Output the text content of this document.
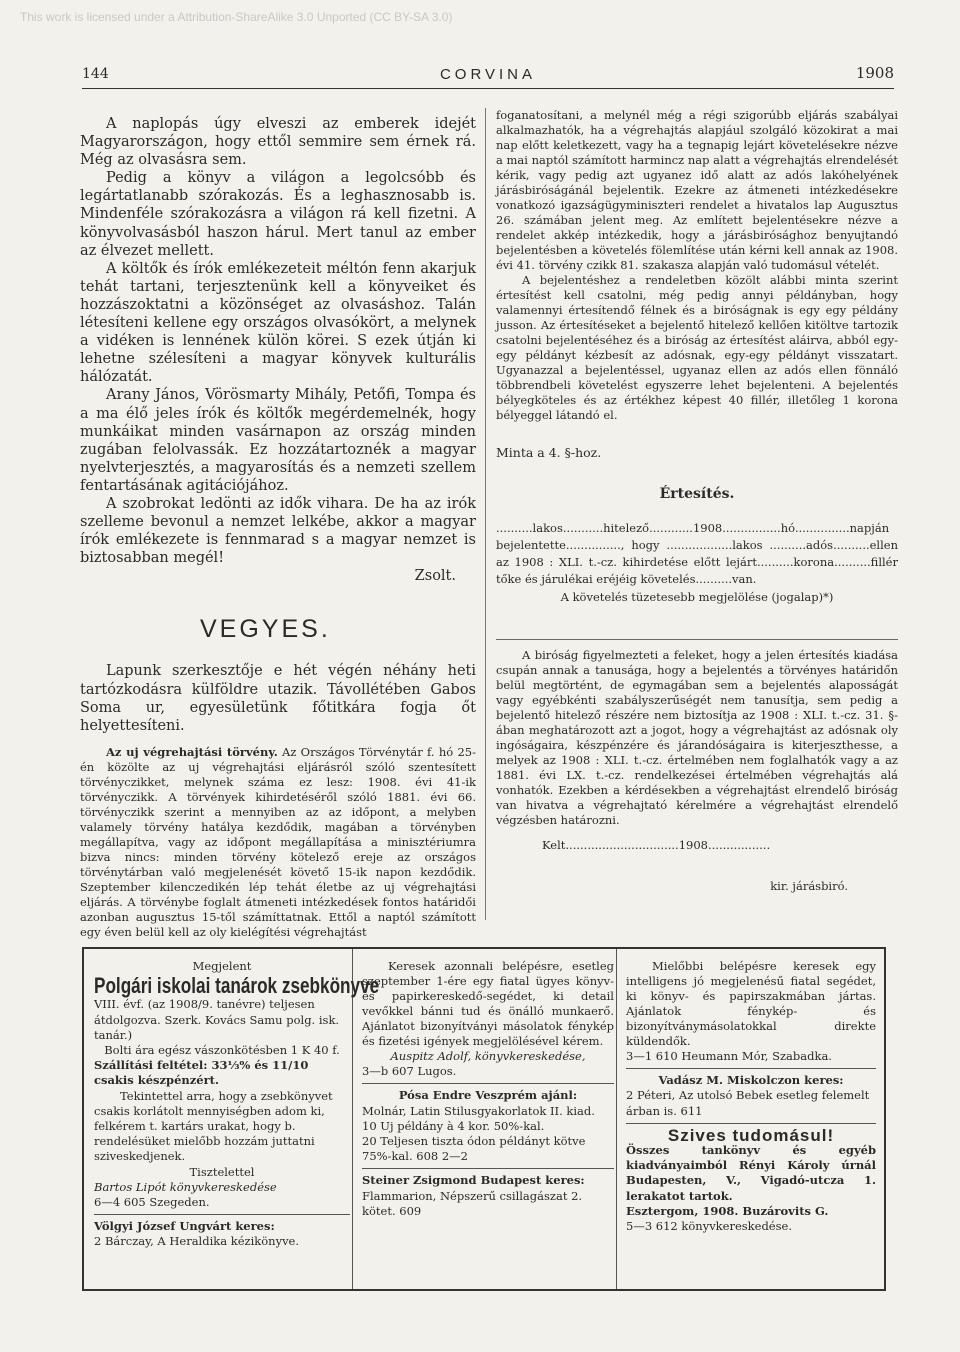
This work is licensed under a Attribution-ShareAlike 3.0 Unported (CC BY-SA 3.0)
144	CORVINA	1908

A naplopás úgy elveszi az emberek idejét Magyarországon, hogy ettől semmire sem érnek rá. Még az olvasásra sem.

Pedig a könyv a világon a legolcsóbb és legártatlanabb szórakozás. És a leghasznosabb is. Mindenféle szórakozásra a világon rá kell fizetni. A könyvolvasásból haszon hárul. Mert tanul az ember az élvezet mellett.

A költők és írók emlékezeteit méltón fenn akarjuk tehát tartani, terjesztenünk kell a könyveiket és hozzászoktatni a közönséget az olvasáshoz. Talán létesíteni kellene egy országos olvasókört, a melynek a vidéken is lennének külön körei. S ezek útján ki lehetne szélesíteni a magyar könyvek kulturális hálózatát.

Arany János, Vörösmarty Mihály, Petőfi, Tompa és a ma élő jeles írók és költők megérdemelnék, hogy munkáikat minden vasárnapon az ország minden zugában felolvassák. Ez hozzátartoznék a magyar nyelvterjesztés, a magyarosítás és a nemzeti szellem fentartásának agitációjához.

A szobrokat ledönti az idők vihara. De ha az irók szelleme bevonul a nemzet lelkébe, akkor a magyar írók emlékezete is fennmarad s a magyar nemzet is biztosabban megél!

Zsolt.

VEGYES.

Lapunk szerkesztője e hét végén néhány heti tartózkodásra külföldre utazik. Távollétében Gabos Soma ur, egyesületünk főtitkára fogja őt helyettesíteni.

Az uj végrehajtási törvény. Az Országos Törvénytár f. hó 25-én közölte az uj végrehajtási eljárásról szóló szentesített törvényczikket, melynek száma ez lesz: 1908. évi 41-ik törvényczikk. A törvények kihirdetéséről szóló 1881. évi 66. törvényczikk szerint a mennyiben az az időpont, a melyben valamely törvény hatálya kezdődik, magában a törvényben megállapítva, vagy az időpont megállapítása a minisztériumra bizva nincs: minden törvény kötelező ereje az országos törvénytárban való megjelenését követő 15-ik napon kezdődik. Szeptember kilenczedikén lép tehát életbe az uj végrehajtási eljárás. A törvénybe foglalt átmeneti intézkedések fontos határidői azonban augusztus 15-től számíttatnak. Ettől a naptól számított egy éven belül kell az oly kielégítési végrehajtást

foganatosítani, a melynél még a régi szigorúbb eljárás szabályai alkalmazhatók, ha a végrehajtás alapjául szolgáló közokirat a mai nap előtt keletkezett, vagy ha a tegnapig lejárt követelésekre nézve a mai naptól számított harmincz nap alatt a végrehajtás elrendelését kérik, vagy pedig azt ugyanez idő alatt az adós lakóhelyének járásbiróságánál bejelentik. Ezekre az átmeneti intézkedésekre vonatkozó igazságügyminiszteri rendelet a hivatalos lap Augusztus 26. számában jelent meg. Az említett bejelentésekre nézve a rendelet akkép intézkedik, hogy a járásbirósághoz benyujtandó bejelentésben a követelés fölemlítése után kérni kell annak az 1908. évi 41. törvény czikk 81. szakasza alapján való tudomásul vételét.

A bejelentéshez a rendeletben közölt alábbi minta szerint értesítést kell csatolni, még pedig annyi példányban, hogy valamennyi értesítendő félnek és a biróságnak is egy egy példány jusson. Az értesítéseket a bejelentő hitelező kellően kitöltve tartozik csatolni bejelentéséhez és a biróság az értesítést aláirva, abból egy-egy példányt kézbesít az adósnak, egy-egy példányt visszatart. Ugyanazzal a bejelentéssel, ugyanaz ellen az adós ellen fönnáló többrendbeli követelést egyszerre lehet bejelenteni. A bejelentés bélyegköteles és az értékhez képest 40 fillér, illetőleg 1 korona bélyeggel látandó el.

Minta a 4. §-hoz.

Értesítés.

..........lakos...........hitelező............1908................hó...............napján bejelentette..............., hogy ..................lakos ..........adós..........ellen az 1908 : XLI. t.-cz. kihirdetése előtt lejárt..........korona..........fillér tőke és járulékai eréjéig követelés..........van.

A követelés tüzetesebb megjelölése (jogalap)*)

A biróság figyelmezteti a feleket, hogy a jelen értesítés kiadása csupán annak a tanusága, hogy a bejelentés a törvényes határidőn belül megtörtént, de egymagában sem a bejelentés alaposságát vagy egyébkénti szabályszerűségét nem tanusítja, sem pedig a bejelentő hitelező részére nem biztosítja az 1908 : XLI. t.-cz. 31. §-ában meghatározott azt a jogot, hogy a végrehajtást az adósnak oly ingóságaira, készpénzére és járandóságaira is kiterjeszthesse, a melyek az 1908 : XLI. t.-cz. értelmében nem foglalhatók vagy a az 1881. évi LX. t.-cz. rendelkezései értelmében végrehajtás alá vonhatók. Ezekben a kérdésekben a végrehajtást elrendelő biróság van hivatva a végrehajtató kérelmére a végrehajtást elrendelő végzésben határozni.

Kelt...............................1908.................

kir. járásbiró.

Megjelent

Polgári iskolai tanárok zsebkönyve

VIII. évf. (az 1908/9. tanévre) teljesen átdolgozva. Szerk. Kovács Samu polg. isk. tanár.)

Bolti ára egész vászonkötésben 1 K 40 f.

Szállítási feltétel: 33⅓% és 11/10 csakis készpénzért.

Tekintettel arra, hogy a zsebkönyvet csakis korlátolt mennyiségben adom ki, felkérem t. kartárs urakat, hogy b. rendelésüket mielőbb hozzám juttatni sziveskedjenek.

Tisztelettel

Bartos Lipót könyvkereskedése

6—4 605 Szegeden.

Völgyi József Ungvárt keres:

2 Bárczay, A Heraldika kézikönyve.

Keresek azonnali belépésre, esetleg szeptember 1-ére egy fiatal ügyes könyv- és papirkereskedő-segédet, ki detail vevőkkel bánni tud és önálló munkaerő. Ajánlatot bizonyítványi másolatok fénykép és fizetési igények megjelölésével kérem.

Auspitz Adolf, könyvkereskedése,

3—b 607 Lugos.

Pósa Endre Veszprém ajánl:

Molnár, Latin Stilusgyakorlatok II. kiad.

10 Uj példány à 4 kor. 50%-kal.

20 Teljesen tiszta ódon példányt kötve 75%-kal. 608 2—2

Steiner Zsigmond Budapest keres:

Flammarion, Népszerű csillagászat 2. kötet. 609

Mielőbbi belépésre keresek egy intelligens jó megjelenésű fiatal segédet, ki könyv- és papirszakmában jártas. Ajánlatok fénykép- és bizonyítványmásolatokkal direkte küldendők.

3—1 610 Heumann Mór, Szabadka.

Vadász M. Miskolczon keres:

2 Péteri, Az utolsó Bebek esetleg felemelt árban is. 611

Szives tudomásul!

Összes tankönyv és egyéb kiadványaimból Rényi Károly úrnál Budapesten, V., Vigadó-utcza 1. lerakatot tartok.

Esztergom, 1908. Buzárovits G.

5—3 612 könyvkereskedése.
